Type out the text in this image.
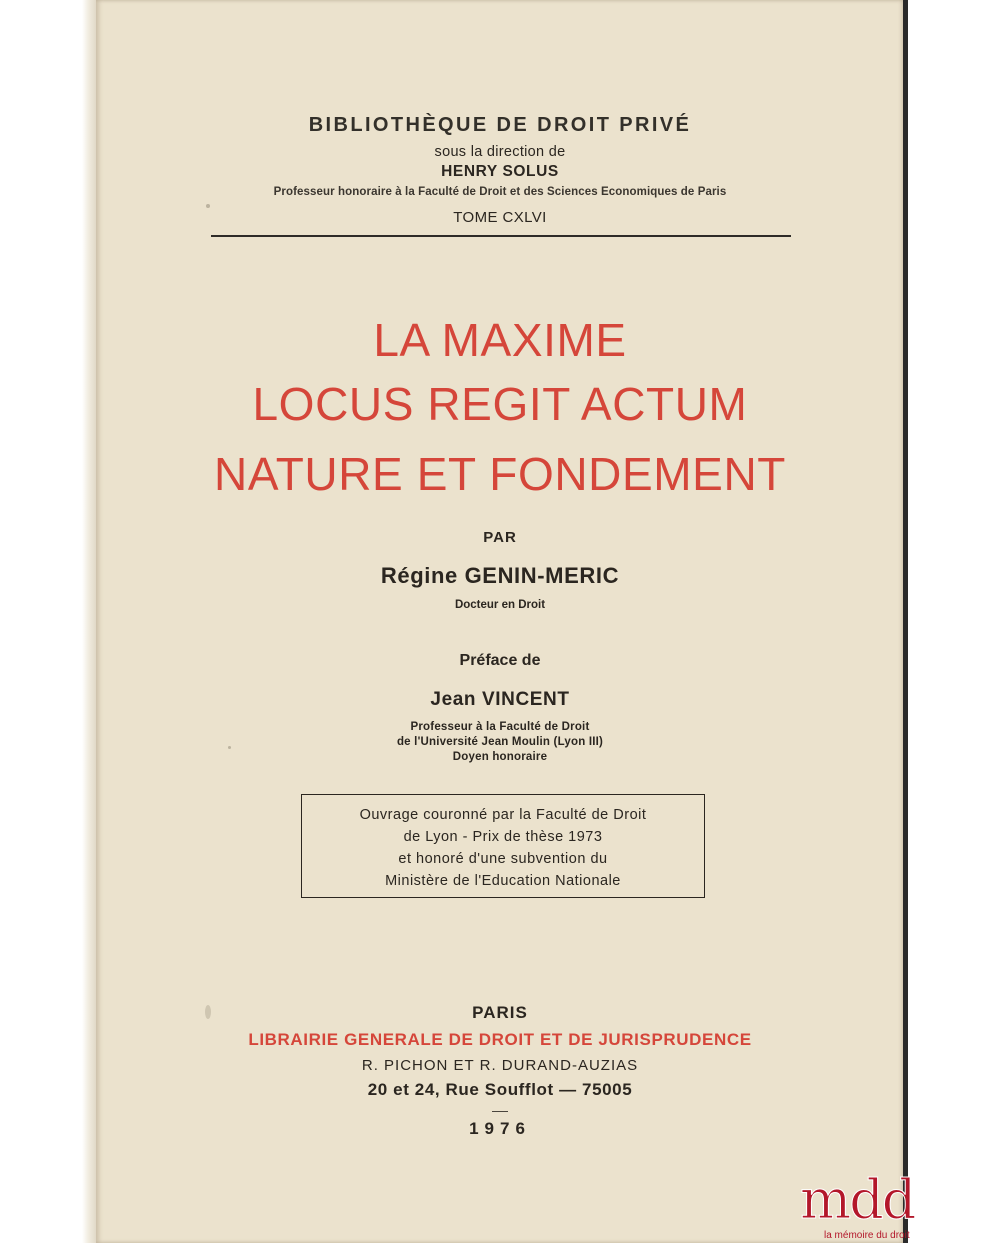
BIBLIOTHÈQUE DE DROIT PRIVÉ
sous la direction de
HENRY SOLUS
Professeur honoraire à la Faculté de Droit et des Sciences Economiques de Paris
TOME CXLVI
LA MAXIME
LOCUS REGIT ACTUM
NATURE ET FONDEMENT
PAR
Régine GENIN-MERIC
Docteur en Droit
Préface de
Jean VINCENT
Professeur à la Faculté de Droit
de l'Université Jean Moulin (Lyon III)
Doyen honoraire
Ouvrage couronné par la Faculté de Droit
de Lyon - Prix de thèse 1973
et honoré d'une subvention du
Ministère de l'Education Nationale
PARIS
LIBRAIRIE GENERALE DE DROIT ET DE JURISPRUDENCE
R. PICHON ET R. DURAND-AUZIAS
20 et 24, Rue Soufflot — 75005
1976
mdd
la mémoire du droit
